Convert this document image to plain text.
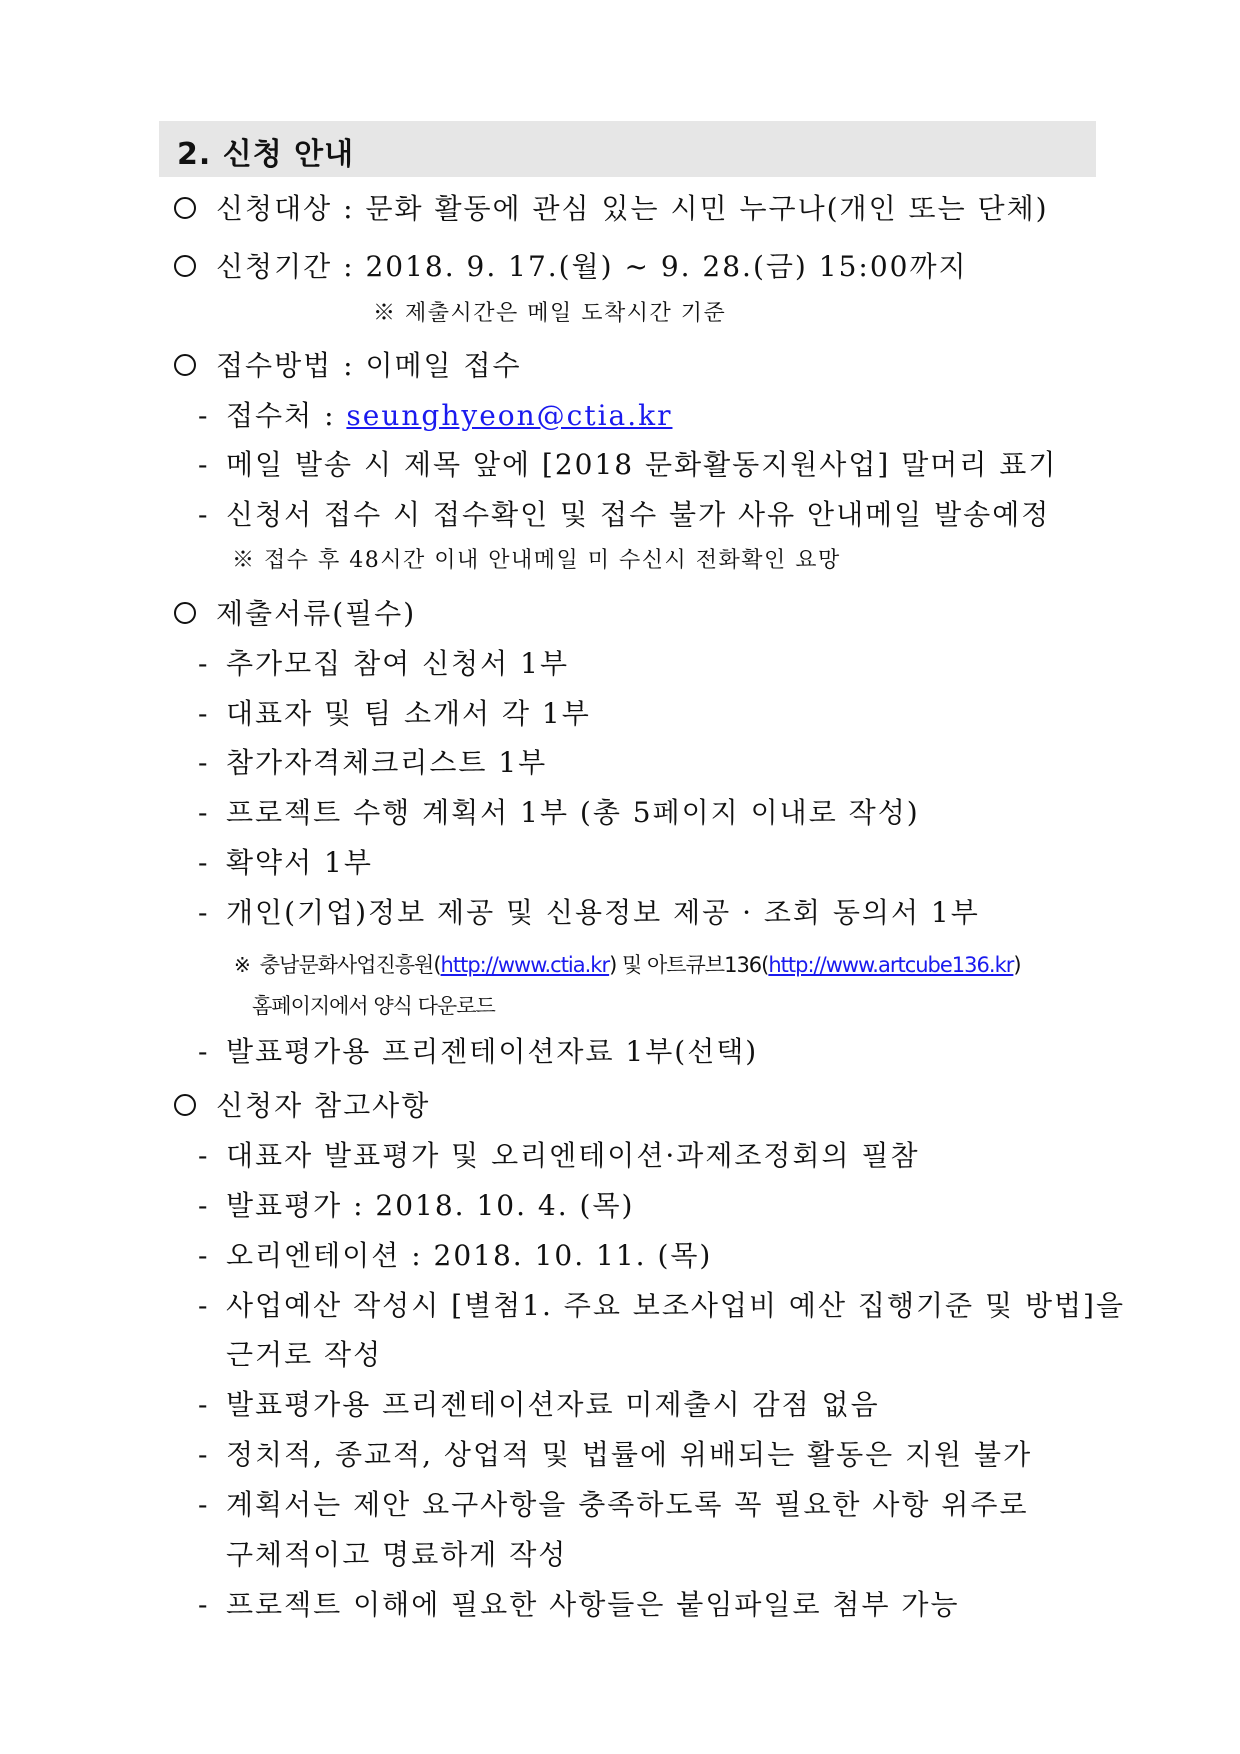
2. 신청 안내
신청대상 : 문화 활동에 관심 있는 시민 누구나(개인 또는 단체)
신청기간 : 2018. 9. 17.(월) ~ 9. 28.(금) 15:00까지
※ 제출시간은 메일 도착시간 기준
접수방법 : 이메일 접수
- 접수처 : seunghyeon@ctia.kr
- 메일 발송 시 제목 앞에 [2018 문화활동지원사업] 말머리 표기
- 신청서 접수 시 접수확인 및 접수 불가 사유 안내메일 발송예정
※ 접수 후 48시간 이내 안내메일 미 수신시 전화확인 요망
제출서류(필수)
- 추가모집 참여 신청서 1부
- 대표자 및 팀 소개서 각 1부
- 참가자격체크리스트 1부
- 프로젝트 수행 계획서 1부 (총 5페이지 이내로 작성)
- 확약서 1부
- 개인(기업)정보 제공 및 신용정보 제공 · 조회 동의서 1부
※ 충남문화사업진흥원(http://www.ctia.kr) 및 아트큐브136(http://www.artcube136.kr)
홈페이지에서 양식 다운로드
- 발표평가용 프리젠테이션자료 1부(선택)
신청자 참고사항
- 대표자 발표평가 및 오리엔테이션·과제조정회의 필참
- 발표평가 : 2018. 10. 4. (목)
- 오리엔테이션 : 2018. 10. 11. (목)
- 사업예산 작성시 [별첨1. 주요 보조사업비 예산 집행기준 및 방법]을
근거로 작성
- 발표평가용 프리젠테이션자료 미제출시 감점 없음
- 정치적, 종교적, 상업적 및 법률에 위배되는 활동은 지원 불가
- 계획서는 제안 요구사항을 충족하도록 꼭 필요한 사항 위주로
구체적이고 명료하게 작성
- 프로젝트 이해에 필요한 사항들은 붙임파일로 첨부 가능
